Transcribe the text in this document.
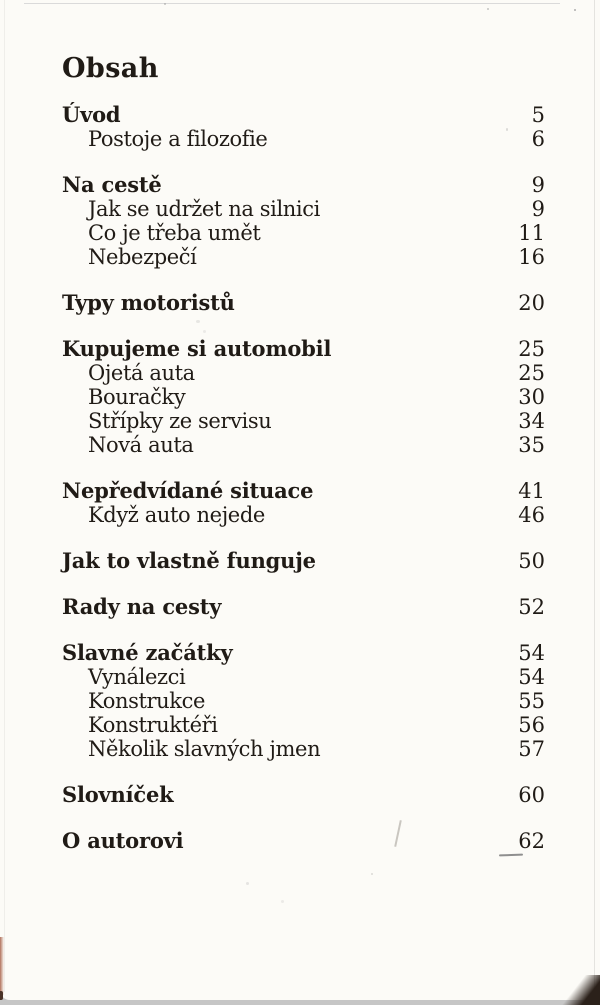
Obsah
Úvod	5
Postoje a filozofie	6
Na cestě	9
Jak se udržet na silnici	9
Co je třeba umět	11
Nebezpečí	16
Typy motoristů	20
Kupujeme si automobil	25
Ojetá auta	25
Bouračky	30
Střípky ze servisu	34
Nová auta	35
Nepředvídané situace	41
Když auto nejede	46
Jak to vlastně funguje	50
Rady na cesty	52
Slavné začátky	54
Vynálezci	54
Konstrukce	55
Konstruktéři	56
Několik slavných jmen	57
Slovníček	60
O autorovi	62
